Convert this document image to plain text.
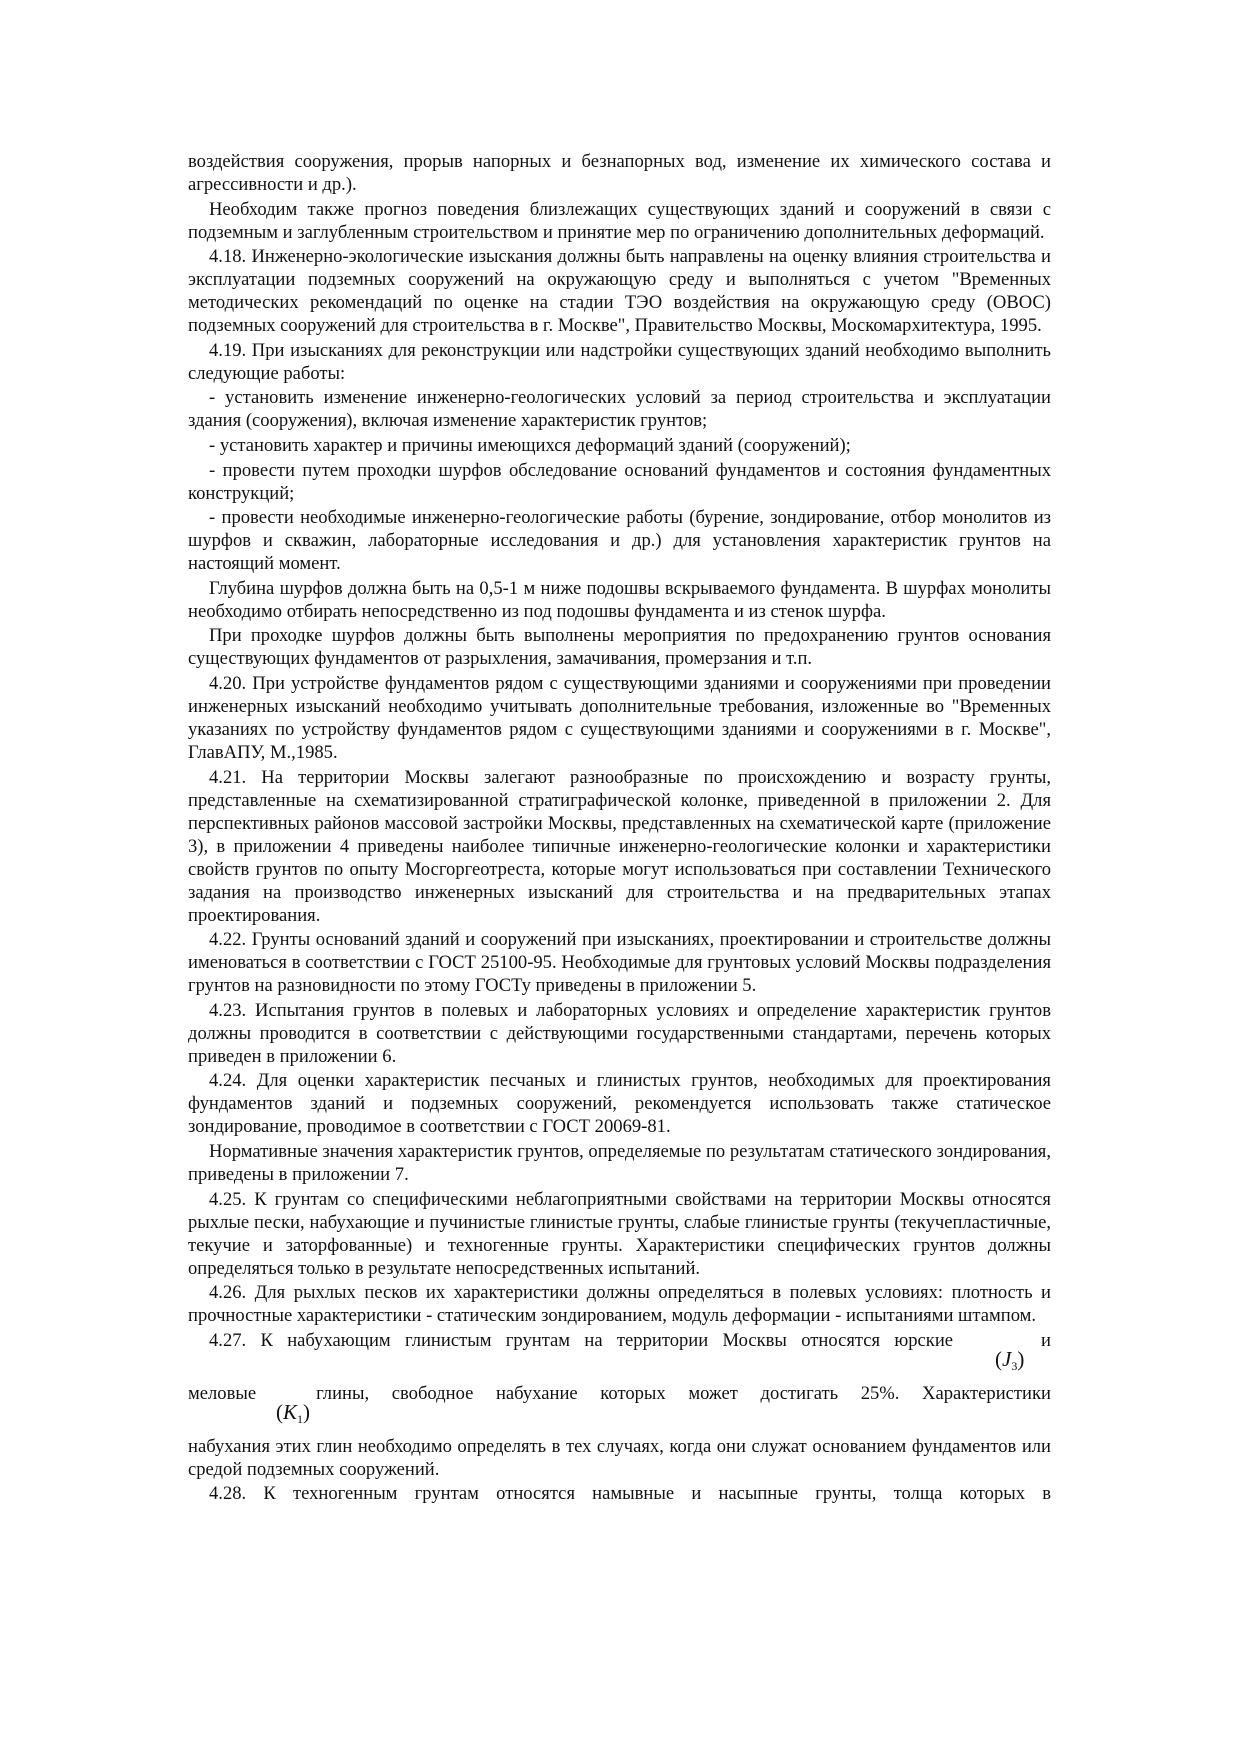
воздействия сооружения, прорыв напорных и безнапорных вод, изменение их химического состава и агрессивности и др.).

Необходим также прогноз поведения близлежащих существующих зданий и сооружений в связи с подземным и заглубленным строительством и принятие мер по ограничению дополнительных деформаций.

4.18. Инженерно-экологические изыскания должны быть направлены на оценку влияния строительства и эксплуатации подземных сооружений на окружающую среду и выполняться с учетом "Временных методических рекомендаций по оценке на стадии ТЭО воздействия на окружающую среду (ОВОС) подземных сооружений для строительства в г. Москве", Правительство Москвы, Москомархитектура, 1995.

4.19. При изысканиях для реконструкции или надстройки существующих зданий необходимо выполнить следующие работы:

- установить изменение инженерно-геологических условий за период строительства и эксплуатации здания (сооружения), включая изменение характеристик грунтов;

- установить характер и причины имеющихся деформаций зданий (сооружений);

- провести путем проходки шурфов обследование оснований фундаментов и состояния фундаментных конструкций;

- провести необходимые инженерно-геологические работы (бурение, зондирование, отбор монолитов из шурфов и скважин, лабораторные исследования и др.) для установления характеристик грунтов на настоящий момент.

Глубина шурфов должна быть на 0,5-1 м ниже подошвы вскрываемого фундамента. В шурфах монолиты необходимо отбирать непосредственно из под подошвы фундамента и из стенок шурфа.

При проходке шурфов должны быть выполнены мероприятия по предохранению грунтов основания существующих фундаментов от разрыхления, замачивания, промерзания и т.п.

4.20. При устройстве фундаментов рядом с существующими зданиями и сооружениями при проведении инженерных изысканий необходимо учитывать дополнительные требования, изложенные во "Временных указаниях по устройству фундаментов рядом с существующими зданиями и сооружениями в г. Москве", ГлавАПУ, М.,1985.

4.21. На территории Москвы залегают разнообразные по происхождению и возрасту грунты, представленные на схематизированной стратиграфической колонке, приведенной в приложении 2. Для перспективных районов массовой застройки Москвы, представленных на схематической карте (приложение 3), в приложении 4 приведены наиболее типичные инженерно-геологические колонки и характеристики свойств грунтов по опыту Мосгоргеотреста, которые могут использоваться при составлении Технического задания на производство инженерных изысканий для строительства и на предварительных этапах проектирования.

4.22. Грунты оснований зданий и сооружений при изысканиях, проектировании и строительстве должны именоваться в соответствии с ГОСТ 25100-95. Необходимые для грунтовых условий Москвы подразделения грунтов на разновидности по этому ГОСТу приведены в приложении 5.

4.23. Испытания грунтов в полевых и лабораторных условиях и определение характеристик грунтов должны проводится в соответствии с действующими государственными стандартами, перечень которых приведен в приложении 6.

4.24. Для оценки характеристик песчаных и глинистых грунтов, необходимых для проектирования фундаментов зданий и подземных сооружений, рекомендуется использовать также статическое зондирование, проводимое в соответствии с ГОСТ 20069-81.

Нормативные значения характеристик грунтов, определяемые по результатам статического зондирования, приведены в приложении 7.

4.25. К грунтам со специфическими неблагоприятными свойствами на территории Москвы относятся рыхлые пески, набухающие и пучинистые глинистые грунты, слабые глинистые грунты (текучепластичные, текучие и заторфованные) и техногенные грунты. Характеристики специфических грунтов должны определяться только в результате непосредственных испытаний.

4.26. Для рыхлых песков их характеристики должны определяться в полевых условиях: плотность и прочностные характеристики - статическим зондированием, модуль деформации - испытаниями штампом.

4.27. К набухающим глинистым грунтам на территории Москвы относятся юрские	и

$(J_3)$

меловые	глины, свободное набухание которых может достигать 25%. Характеристики

$(K_1)$

набухания этих глин необходимо определять в тех случаях, когда они служат основанием фундаментов или средой подземных сооружений.

4.28. К техногенным грунтам относятся намывные и насыпные грунты, толща которых в
